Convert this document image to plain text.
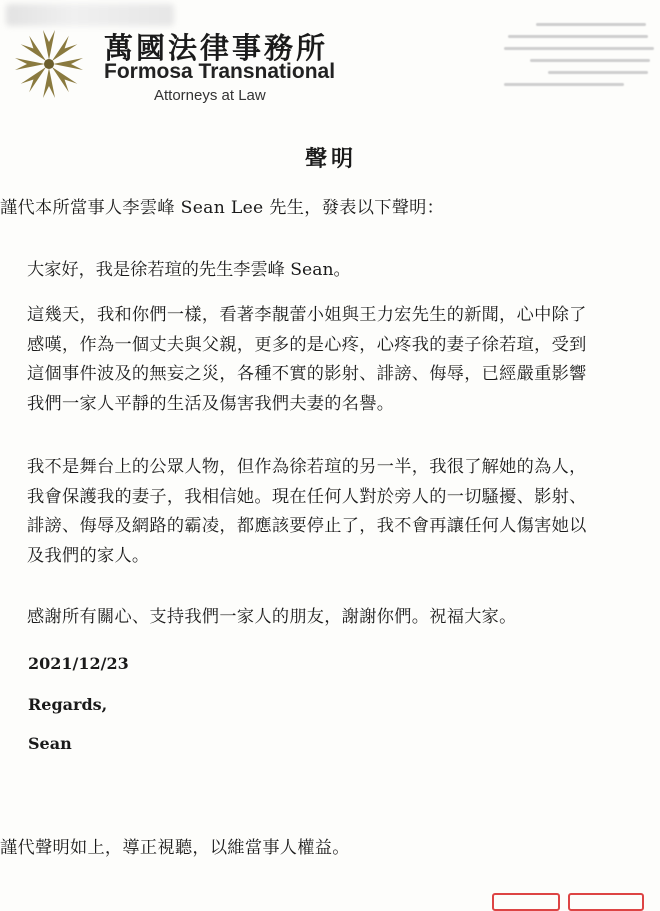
萬國法律事務所
Formosa Transnational
Attorneys at Law
聲明
謹代本所當事人李雲峰 Sean Lee 先生，發表以下聲明：
大家好，我是徐若瑄的先生李雲峰 Sean。
這幾天，我和你們一樣，看著李靚蕾小姐與王力宏先生的新聞，心中除了
感嘆，作為一個丈夫與父親，更多的是心疼，心疼我的妻子徐若瑄，受到
這個事件波及的無妄之災，各種不實的影射、誹謗、侮辱，已經嚴重影響
我們一家人平靜的生活及傷害我們夫妻的名譽。
我不是舞台上的公眾人物，但作為徐若瑄的另一半，我很了解她的為人，
我會保護我的妻子，我相信她。現在任何人對於旁人的一切騷擾、影射、
誹謗、侮辱及網路的霸凌，都應該要停止了，我不會再讓任何人傷害她以
及我們的家人。
感謝所有關心、支持我們一家人的朋友，謝謝你們。祝福大家。
2021/12/23
Regards,
Sean
謹代聲明如上，導正視聽，以維當事人權益。
